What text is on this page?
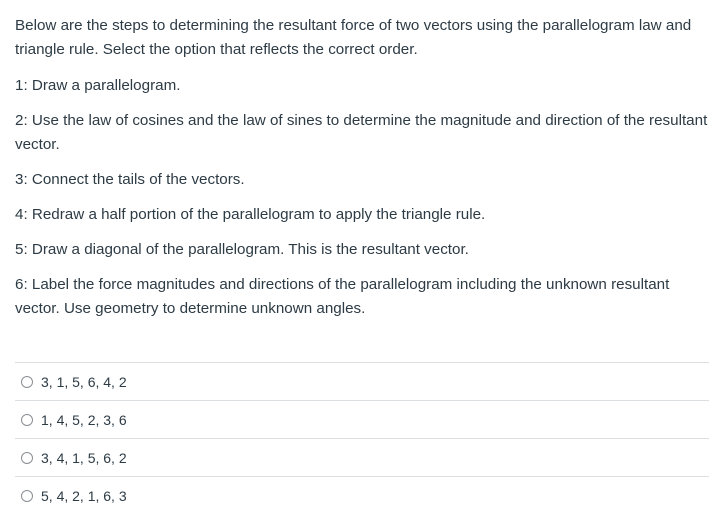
Below are the steps to determining the resultant force of two vectors using the parallelogram law and triangle rule. Select the option that reflects the correct order.

1: Draw a parallelogram.

2: Use the law of cosines and the law of sines to determine the magnitude and direction of the resultant vector.

3: Connect the tails of the vectors.

4: Redraw a half portion of the parallelogram to apply the triangle rule.

5: Draw a diagonal of the parallelogram. This is the resultant vector.

6: Label the force magnitudes and directions of the parallelogram including the unknown resultant vector. Use geometry to determine unknown angles.

3, 1, 5, 6, 4, 2
1, 4, 5, 2, 3, 6
3, 4, 1, 5, 6, 2
5, 4, 2, 1, 6, 3
